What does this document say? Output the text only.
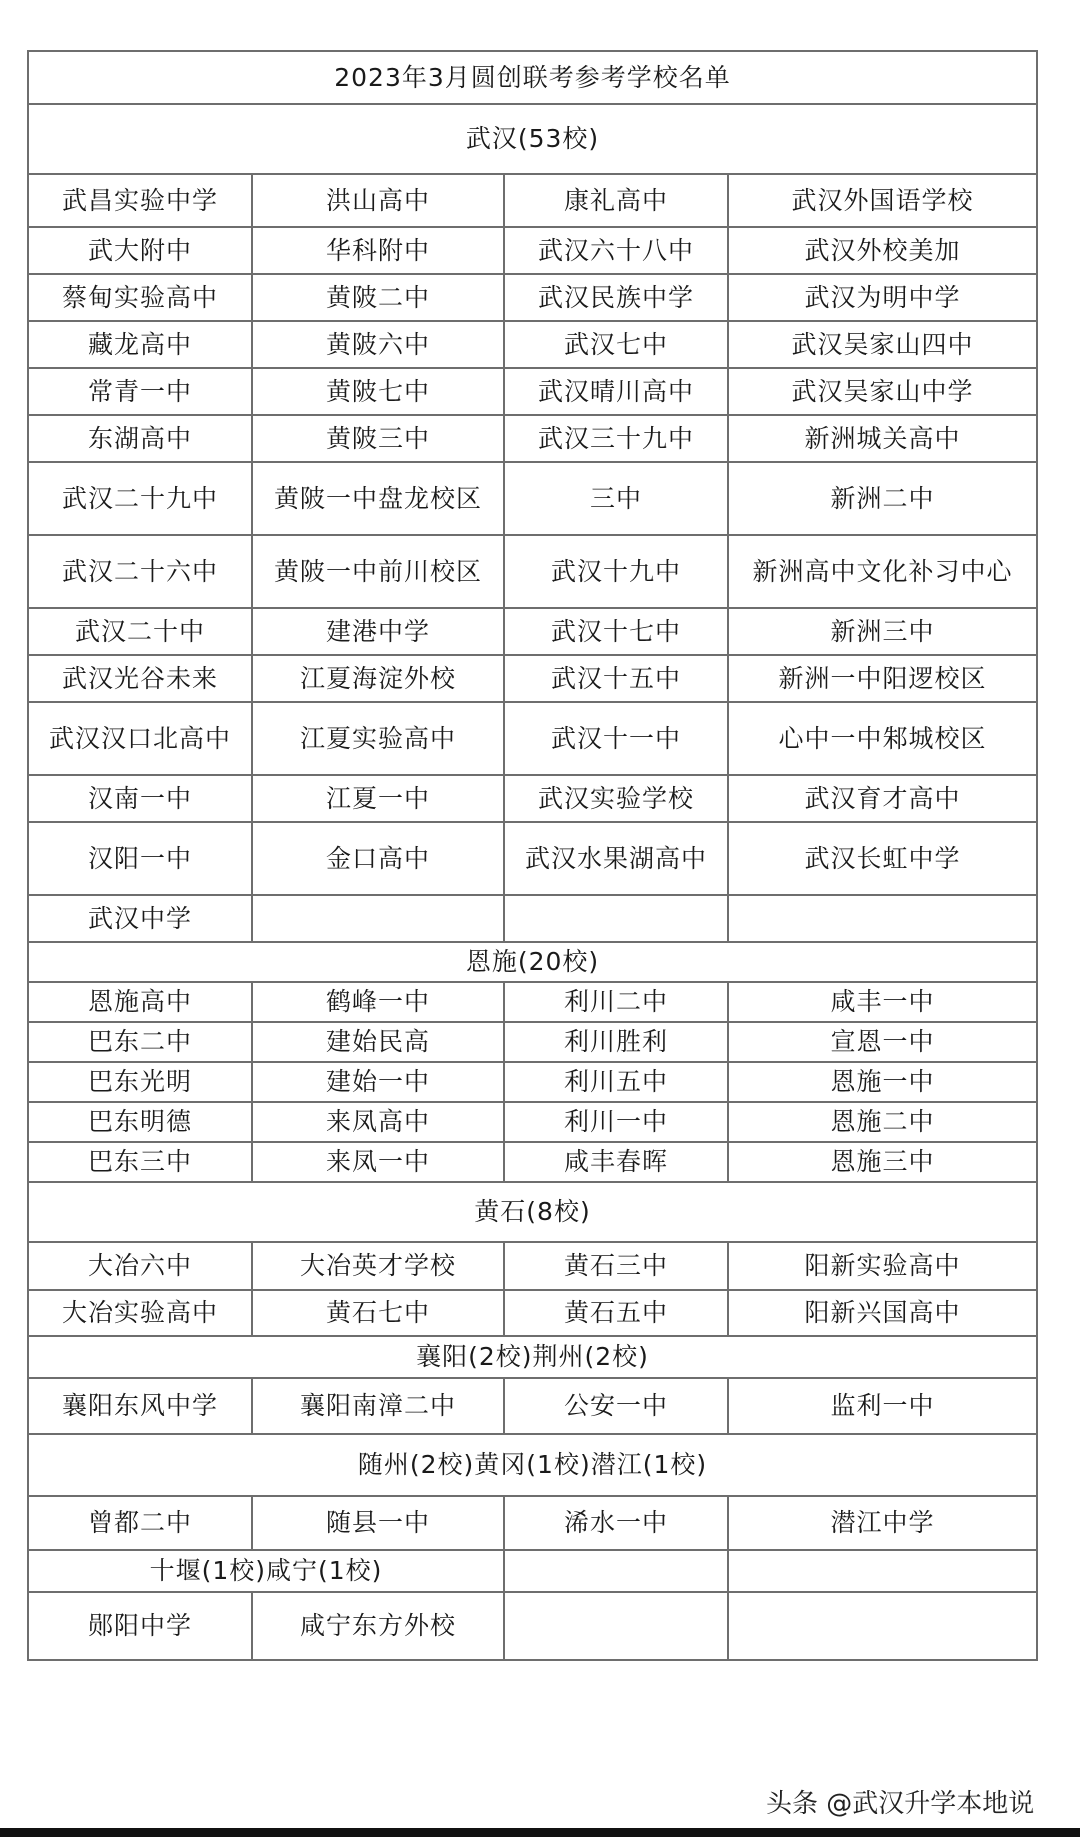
2023年3月圆创联考参考学校名单			
武汉(53校)			
武昌实验中学	洪山高中	康礼高中	武汉外国语学校
武大附中	华科附中	武汉六十八中	武汉外校美加
蔡甸实验高中	黄陂二中	武汉民族中学	武汉为明中学
藏龙高中	黄陂六中	武汉七中	武汉吴家山四中
常青一中	黄陂七中	武汉晴川高中	武汉吴家山中学
东湖高中	黄陂三中	武汉三十九中	新洲城关高中
武汉二十九中	黄陂一中盘龙校区	三中	新洲二中
武汉二十六中	黄陂一中前川校区	武汉十九中	新洲高中文化补习中心
武汉二十中	建港中学	武汉十七中	新洲三中
武汉光谷未来	江夏海淀外校	武汉十五中	新洲一中阳逻校区
武汉汉口北高中	江夏实验高中	武汉十一中	心中一中邾城校区
汉南一中	江夏一中	武汉实验学校	武汉育才高中
汉阳一中	金口高中	武汉水果湖高中	武汉长虹中学
武汉中学			
恩施(20校)			
恩施高中	鹤峰一中	利川二中	咸丰一中
巴东二中	建始民高	利川胜利	宣恩一中
巴东光明	建始一中	利川五中	恩施一中
巴东明德	来凤高中	利川一中	恩施二中
巴东三中	来凤一中	咸丰春晖	恩施三中
黄石(8校)			
大冶六中	大冶英才学校	黄石三中	阳新实验高中
大冶实验高中	黄石七中	黄石五中	阳新兴国高中
襄阳(2校)荆州(2校)			
襄阳东风中学	襄阳南漳二中	公安一中	监利一中
随州(2校)黄冈(1校)潜江(1校)			
曾都二中	随县一中	浠水一中	潜江中学
十堰(1校)咸宁(1校)			
郧阳中学	咸宁东方外校		
头条 @武汉升学本地说
